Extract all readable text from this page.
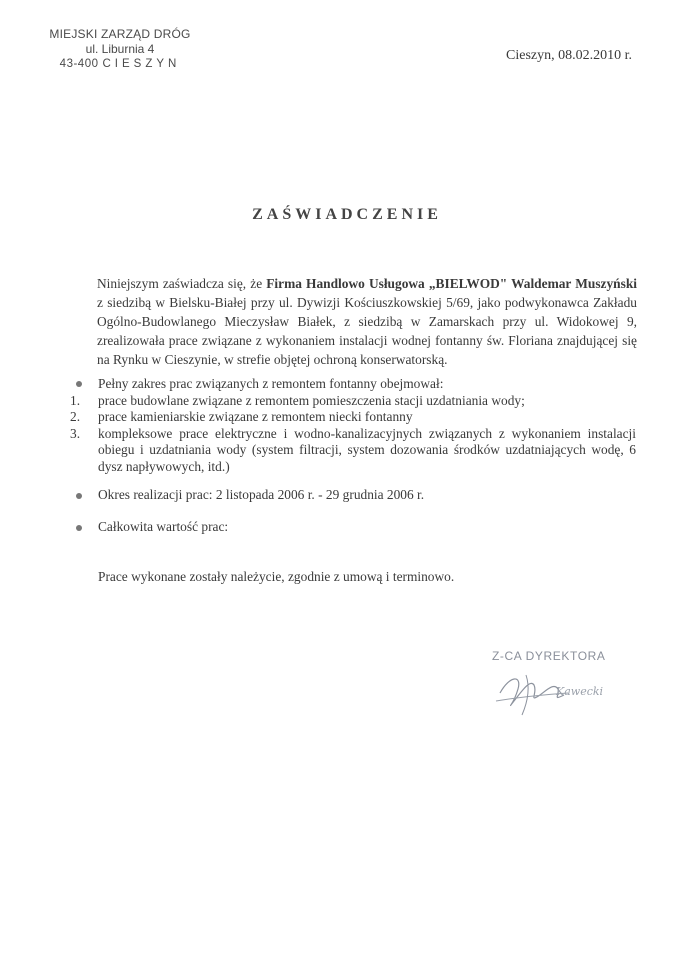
MIEJSKI ZARZĄD DRÓG
ul. Liburnia 4
43-400 CIESZYN
Cieszyn, 08.02.2010 r.
ZAŚWIADCZENIE
Niniejszym zaświadcza się, że Firma Handlowo Usługowa „BIELWOD" Waldemar Muszyński z siedzibą w Bielsku-Białej przy ul. Dywizji Kościuszkowskiej 5/69, jako podwykonawca Zakładu Ogólno-Budowlanego Mieczysław Białek, z siedzibą w Zamarskach przy ul. Widokowej 9, zrealizowała prace związane z wykonaniem instalacji wodnej fontanny św. Floriana znajdującej się na Rynku w Cieszynie, w strefie objętej ochroną konserwatorską.
Pełny zakres prac związanych z remontem fontanny obejmował:
1.	prace budowlane związane z remontem pomieszczenia stacji uzdatniania wody;
2.	prace kamieniarskie związane z remontem niecki fontanny
3.	kompleksowe prace elektryczne i wodno-kanalizacyjnych związanych z wykonaniem instalacji obiegu i uzdatniania wody (system filtracji, system dozowania środków uzdatniających wodę, 6 dysz napływowych, itd.)
Okres realizacji prac: 2 listopada 2006 r. - 29 grudnia 2006 r.
Całkowita wartość prac:
Prace wykonane zostały należycie, zgodnie z umową i terminowo.
Z-CA DYREKTORA
Kawecki
